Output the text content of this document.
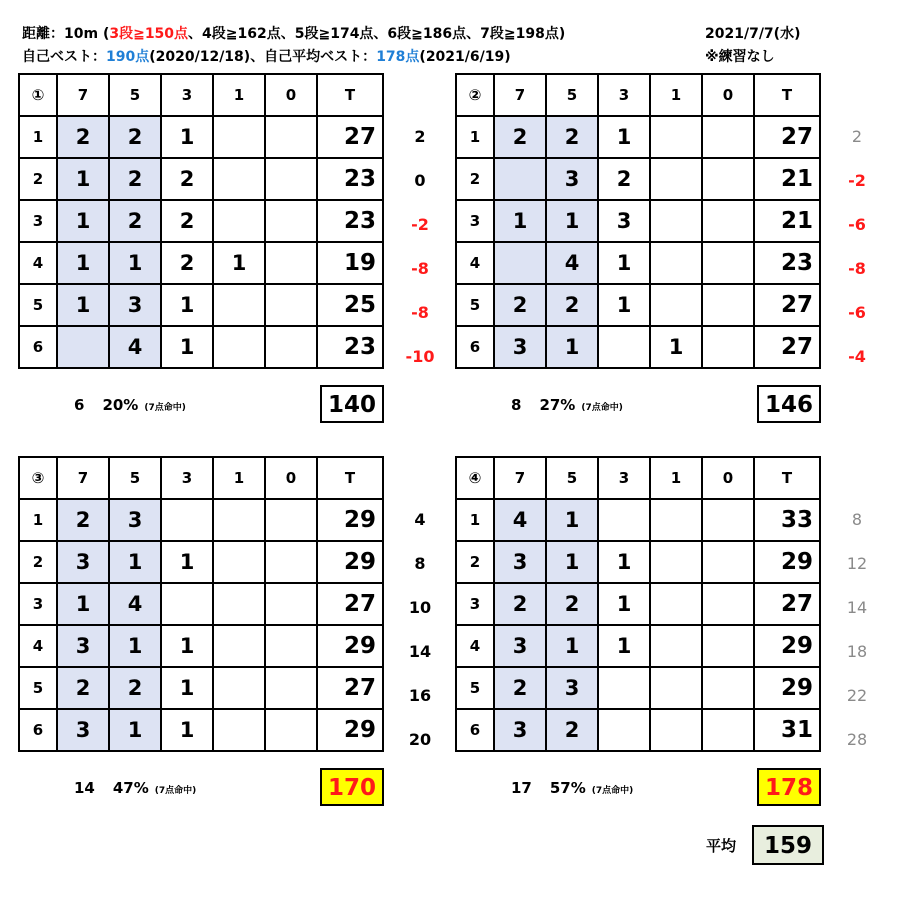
距離：10m (3段≧150点、4段≧162点、5段≧174点、6段≧186点、7段≧198点)
自己ベスト：190点(2020/12/18)、自己平均ベスト：178点(2021/6/19)
2021/7/7(水)
※練習なし
2
0
-2
-8
-8
-10
①	7	5	3	1	0	T
1	2	2	1			27
2	1	2	2			23
3	1	2	2			23
4	1	1	2	1		19
5	1	3	1			25
6		4	1			23
6 20% (7点命中)	140
2
-2
-6
-8
-6
-4
②	7	5	3	1	0	T
1	2	2	1			27
2		3	2			21
3	1	1	3			21
4		4	1			23
5	2	2	1			27
6	3	1		1		27
8 27% (7点命中)	146
4
8
10
14
16
20
③	7	5	3	1	0	T
1	2	3				29
2	3	1	1			29
3	1	4				27
4	3	1	1			29
5	2	2	1			27
6	3	1	1			29
14 47% (7点命中)	170
8
12
14
18
22
28
④	7	5	3	1	0	T
1	4	1				33
2	3	1	1			29
3	2	2	1			27
4	3	1	1			29
5	2	3				29
6	3	2				31
17 57% (7点命中)	178
平均	159
